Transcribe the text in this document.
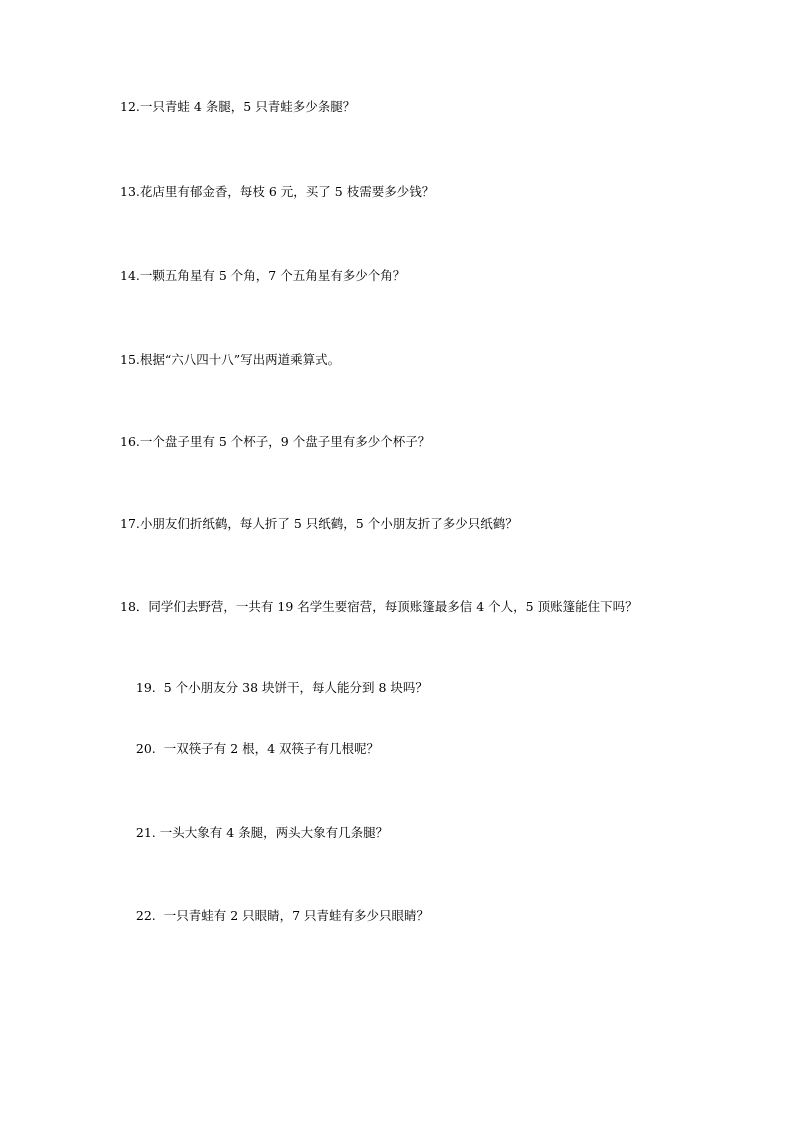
12.一只青蛙 4 条腿，5 只青蛙多少条腿？
13.花店里有郁金香，每枝 6 元，买了 5 枝需要多少钱？
14.一颗五角星有 5 个角，7 个五角星有多少个角？
15.根据“六八四十八”写出两道乘算式。
16.一个盘子里有 5 个杯子，9 个盘子里有多少个杯子？
17.小朋友们折纸鹤，每人折了 5 只纸鹤，5 个小朋友折了多少只纸鹤？
18．同学们去野营，一共有 19 名学生要宿营，每顶账篷最多信 4 个人，5 顶账篷能住下吗？

19.  5 个小朋友分 38 块饼干，每人能分到 8 块吗？

20.  一双筷子有 2 根，4 双筷子有几根呢？

21. 一头大象有 4 条腿，两头大象有几条腿？

22.  一只青蛙有 2 只眼睛，7 只青蛙有多少只眼睛？
